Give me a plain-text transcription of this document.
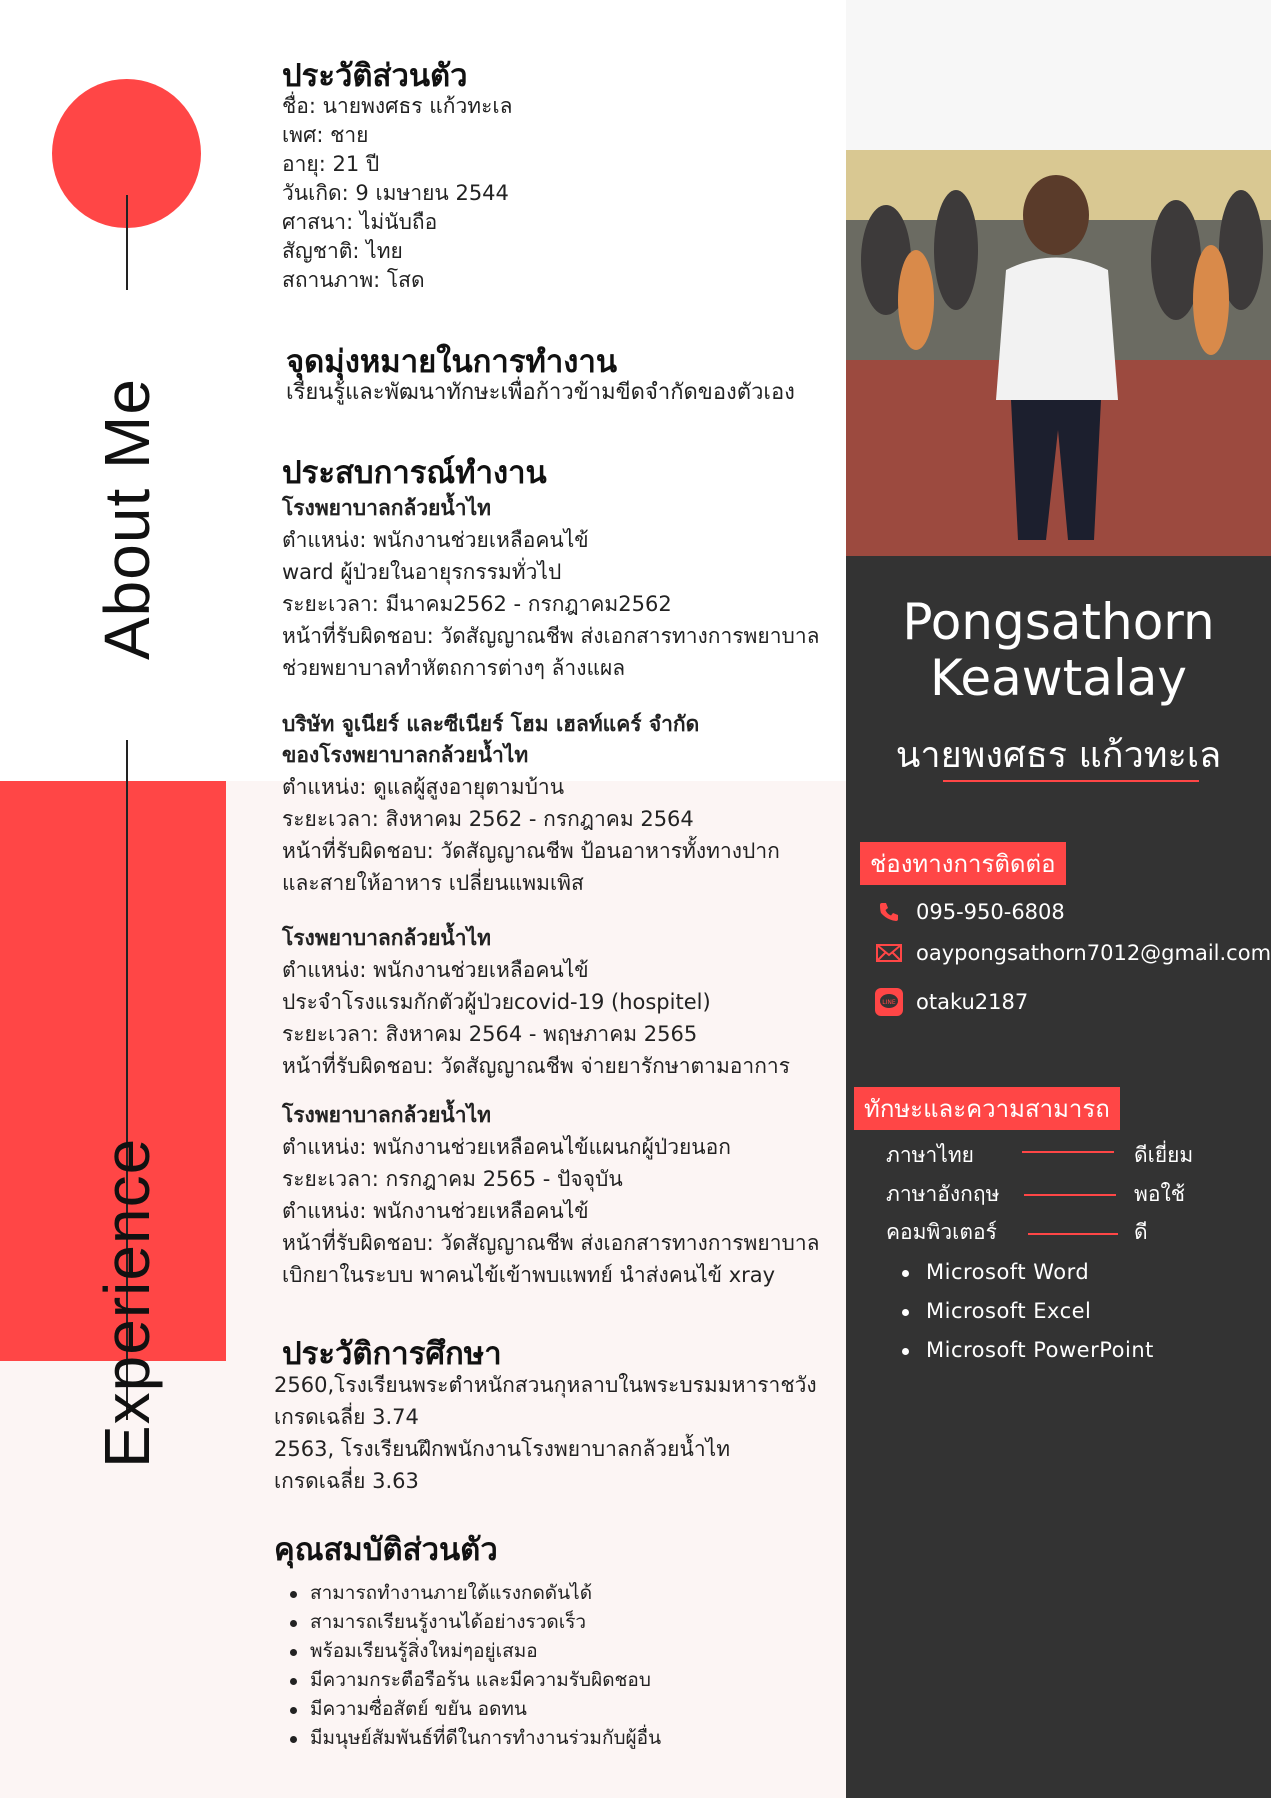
About Me
Experience
ประวัติส่วนตัว
ชื่อ: นายพงศธร แก้วทะเล
เพศ: ชาย
อายุ: 21 ปี
วันเกิด: 9 เมษายน 2544
ศาสนา: ไม่นับถือ
สัญชาติ: ไทย
สถานภาพ: โสด
จุดมุ่งหมายในการทำงาน
เรียนรู้และพัฒนาทักษะเพื่อก้าวข้ามขีดจำกัดของตัวเอง
ประสบการณ์ทำงาน
โรงพยาบาลกล้วยน้ำไท
ตำแหน่ง: พนักงานช่วยเหลือคนไข้
ward ผู้ป่วยในอายุรกรรมทั่วไป
ระยะเวลา: มีนาคม2562 - กรกฎาคม2562
หน้าที่รับผิดชอบ: วัดสัญญาณชีพ ส่งเอกสารทางการพยาบาล
ช่วยพยาบาลทำหัตถการต่างๆ ล้างแผล
บริษัท จูเนียร์ และซีเนียร์ โฮม เฮลท์แคร์ จำกัด
ของโรงพยาบาลกล้วยน้ำไท
ตำแหน่ง: ดูแลผู้สูงอายุตามบ้าน
ระยะเวลา: สิงหาคม 2562 - กรกฎาคม 2564
หน้าที่รับผิดชอบ: วัดสัญญาณชีพ ป้อนอาหารทั้งทางปาก
และสายให้อาหาร เปลี่ยนแพมเพิส
โรงพยาบาลกล้วยน้ำไท
ตำแหน่ง: พนักงานช่วยเหลือคนไข้
ประจำโรงแรมกักตัวผู้ป่วยcovid-19 (hospitel)
ระยะเวลา: สิงหาคม 2564 - พฤษภาคม 2565
หน้าที่รับผิดชอบ: วัดสัญญาณชีพ จ่ายยารักษาตามอาการ
โรงพยาบาลกล้วยน้ำไท
ตำแหน่ง: พนักงานช่วยเหลือคนไข้แผนกผู้ป่วยนอก
ระยะเวลา: กรกฎาคม 2565 - ปัจจุบัน
ตำแหน่ง: พนักงานช่วยเหลือคนไข้
หน้าที่รับผิดชอบ: วัดสัญญาณชีพ ส่งเอกสารทางการพยาบาล
เบิกยาในระบบ พาคนไข้เข้าพบแพทย์ นำส่งคนไข้ xray
ประวัติการศึกษา
2560,โรงเรียนพระตำหนักสวนกุหลาบในพระบรมมหาราชวัง
เกรดเฉลี่ย 3.74
2563, โรงเรียนฝึกพนักงานโรงพยาบาลกล้วยน้ำไท
เกรดเฉลี่ย 3.63
คุณสมบัติส่วนตัว
สามารถทำงานภายใต้แรงกดดันได้
สามารถเรียนรู้งานได้อย่างรวดเร็ว
พร้อมเรียนรู้สิ่งใหม่ๆอยู่เสมอ
มีความกระตือรือร้น และมีความรับผิดชอบ
มีความซื่อสัตย์ ขยัน อดทน
มีมนุษย์สัมพันธ์ที่ดีในการทำงานร่วมกับผู้อื่น
Pongsathorn
Keawtalay
นายพงศธร แก้วทะเล
ช่องทางการติดต่อ
095-950-6808
oaypongsathorn7012@gmail.com
LINE otaku2187
ทักษะและความสามารถ
ภาษาไทย	ดีเยี่ยม
ภาษาอังกฤษ	พอใช้
คอมพิวเตอร์	ดี
Microsoft Word
Microsoft Excel
Microsoft PowerPoint
